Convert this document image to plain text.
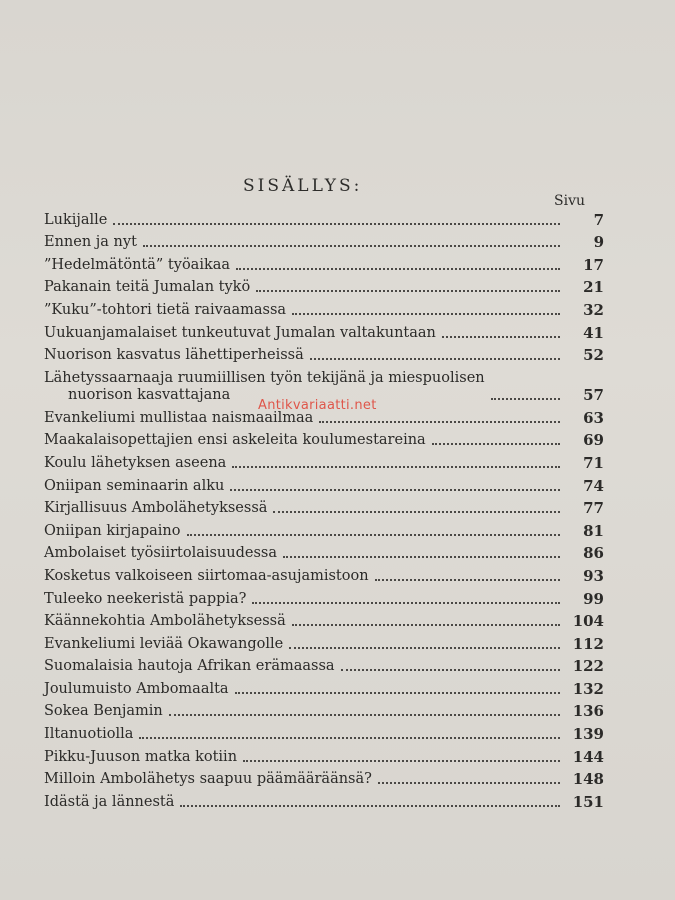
SISÄLLYS:
Sivu
Lukijalle	7
Ennen ja nyt	9
”Hedelmätöntä” työaikaa	17
Pakanain teitä Jumalan tykö	21
”Kuku”-tohtori tietä raivaamassa	32
Uukuanjamalaiset tunkeutuvat Jumalan valtakuntaan	41
Nuorison kasvatus lähettiperheissä	52
Lähetyssaarnaaja ruumiillisen työn tekijänä ja miespuolisen
nuorison kasvattajana	57
Evankeliumi mullistaa naismaailmaa	63
Maakalaisopettajien ensi askeleita koulumestareina	69
Koulu lähetyksen aseena	71
Oniipan seminaarin alku	74
Kirjallisuus Ambolähetyksessä	77
Oniipan kirjapaino	81
Ambolaiset työsiirtolaisuudessa	86
Kosketus valkoiseen siirtomaa-asujamistoon	93
Tuleeko neekeristä pappia?	99
Käännekohtia Ambolähetyksessä	104
Evankeliumi leviää Okawangolle	112
Suomalaisia hautoja Afrikan erämaassa	122
Joulumuisto Ambomaalta	132
Sokea Benjamin	136
Iltanuotiolla	139
Pikku-Juuson matka kotiin	144
Milloin Ambolähetys saapuu päämääräänsä?	148
Idästä ja lännestä	151
Antikvariaatti.net
